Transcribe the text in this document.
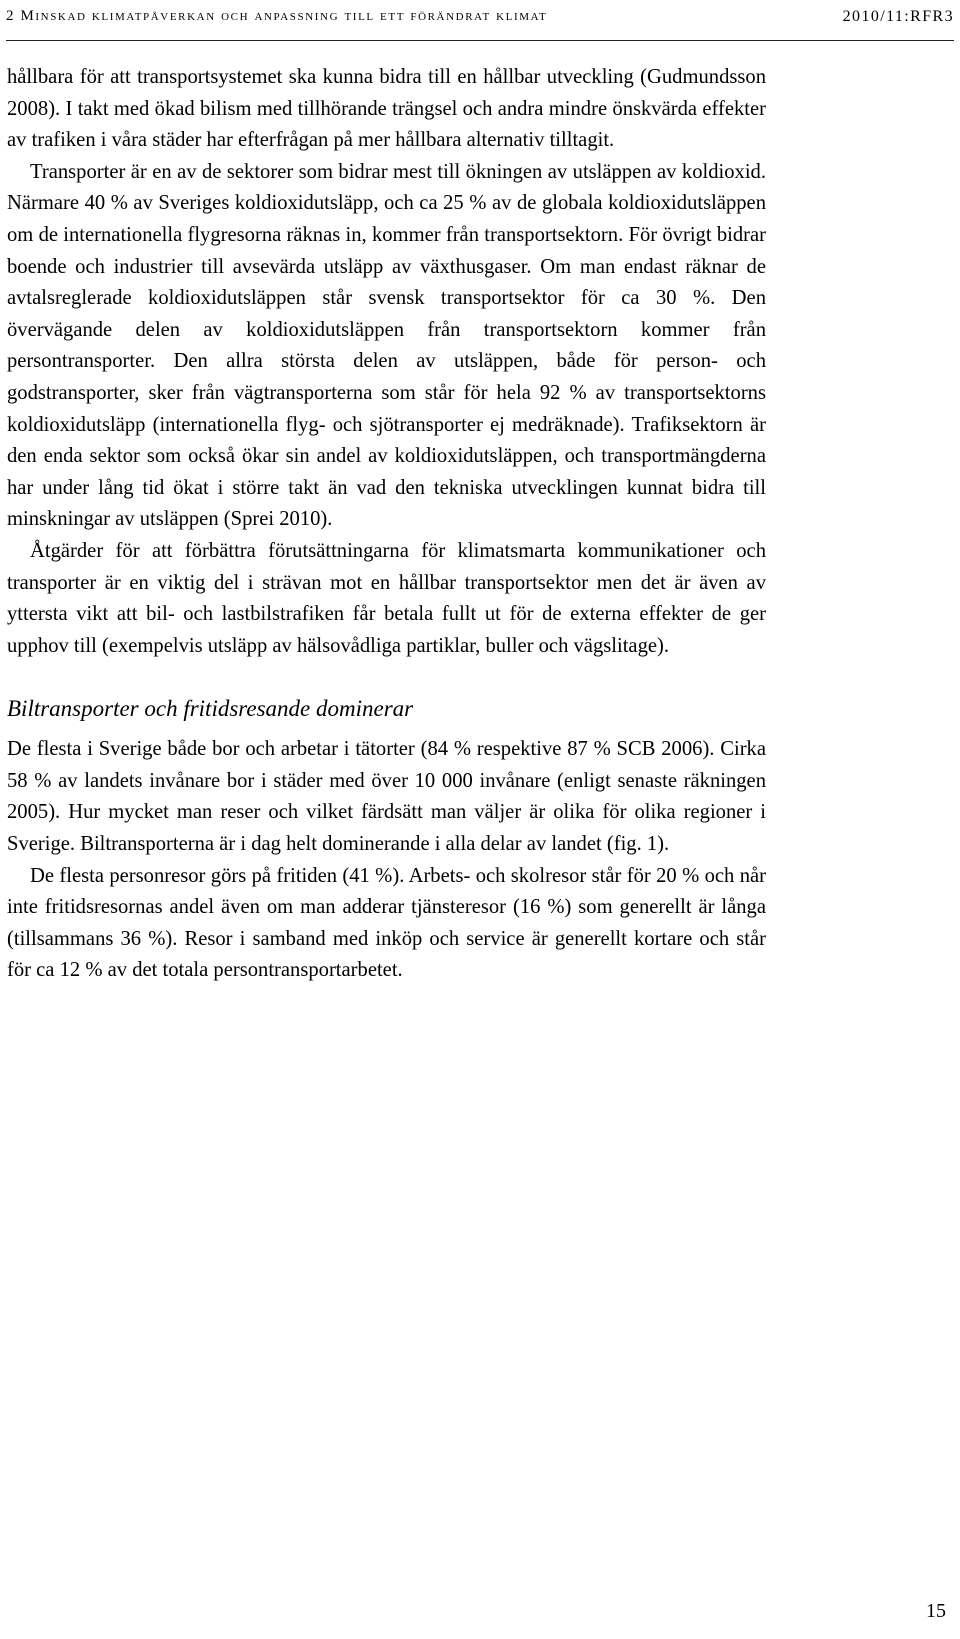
2 Minskad klimatpåverkan och anpassning till ett förändrat klimat	2010/11:RFR3

hållbara för att transportsystemet ska kunna bidra till en hållbar utveckling (Gudmundsson 2008). I takt med ökad bilism med tillhörande trängsel och andra mindre önskvärda effekter av trafiken i våra städer har efterfrågan på mer hållbara alternativ tilltagit.

Transporter är en av de sektorer som bidrar mest till ökningen av utsläppen av koldioxid. Närmare 40 % av Sveriges koldioxidutsläpp, och ca 25 % av de globala koldioxidutsläppen om de internationella flygresorna räknas in, kommer från transportsektorn. För övrigt bidrar boende och industrier till avsevärda utsläpp av växthusgaser. Om man endast räknar de avtalsreglerade koldioxidutsläppen står svensk transportsektor för ca 30 %. Den övervägande delen av koldioxidutsläppen från transportsektorn kommer från persontransporter. Den allra största delen av utsläppen, både för person- och godstransporter, sker från vägtransporterna som står för hela 92 % av transportsektorns koldioxidutsläpp (internationella flyg- och sjötransporter ej medräknade). Trafiksektorn är den enda sektor som också ökar sin andel av koldioxidutsläppen, och transportmängderna har under lång tid ökat i större takt än vad den tekniska utvecklingen kunnat bidra till minskningar av utsläppen (Sprei 2010).

Åtgärder för att förbättra förutsättningarna för klimatsmarta kommunikationer och transporter är en viktig del i strävan mot en hållbar transportsektor men det är även av yttersta vikt att bil- och lastbilstrafiken får betala fullt ut för de externa effekter de ger upphov till (exempelvis utsläpp av hälsovådliga partiklar, buller och vägslitage).

Biltransporter och fritidsresande dominerar

De flesta i Sverige både bor och arbetar i tätorter (84 % respektive 87 % SCB 2006). Cirka 58 % av landets invånare bor i städer med över 10 000 invånare (enligt senaste räkningen 2005). Hur mycket man reser och vilket färdsätt man väljer är olika för olika regioner i Sverige. Biltransporterna är i dag helt dominerande i alla delar av landet (fig. 1).

De flesta personresor görs på fritiden (41 %). Arbets- och skolresor står för 20 % och når inte fritidsresornas andel även om man adderar tjänsteresor (16 %) som generellt är långa (tillsammans 36 %). Resor i samband med inköp och service är generellt kortare och står för ca 12 % av det totala persontransportarbetet.

15
